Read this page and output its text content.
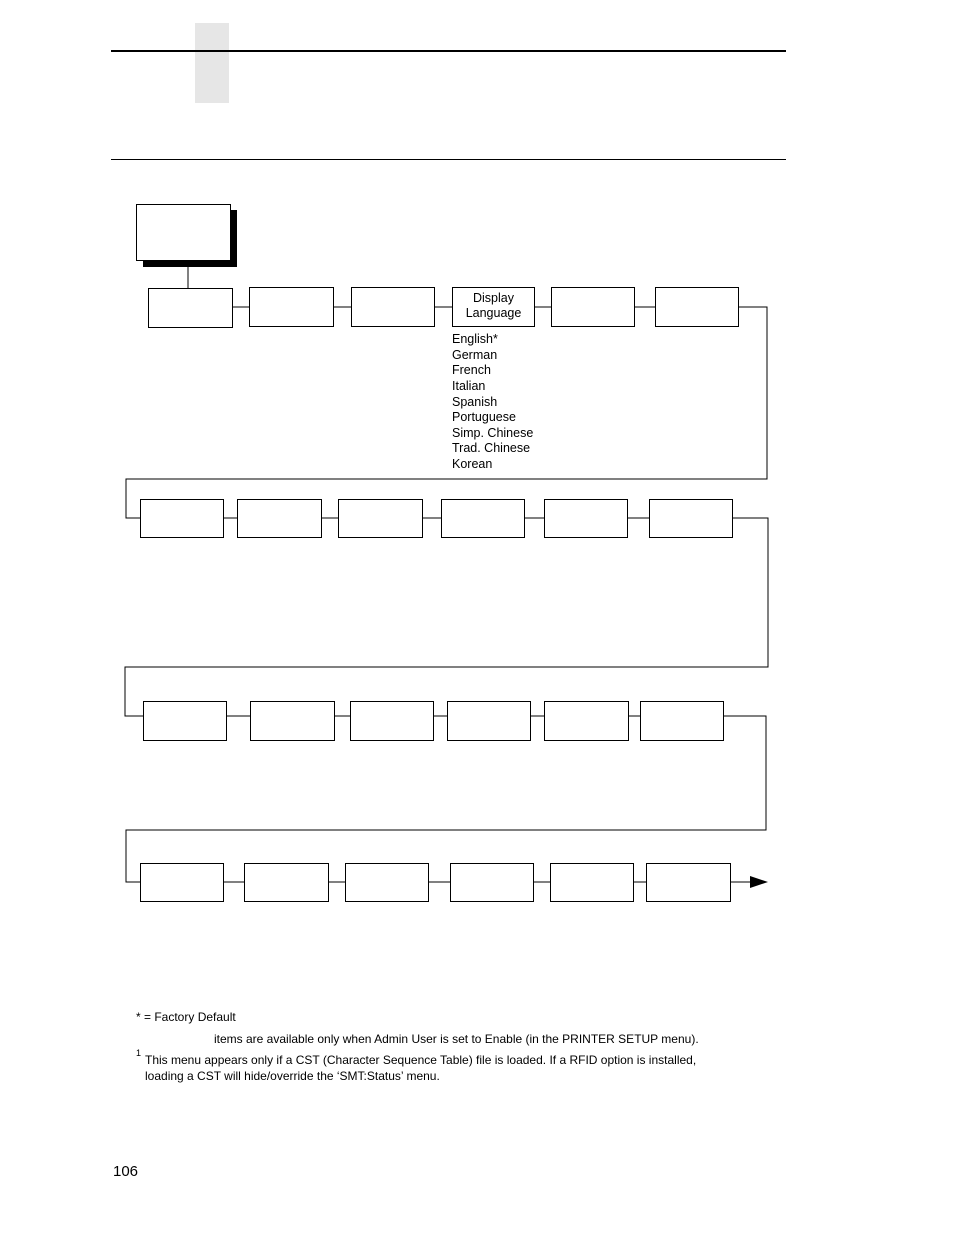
Display
Language
English*
German
French
Italian
Spanish
Portuguese
Simp. Chinese
Trad. Chinese
Korean
* = Factory Default
items are available only when Admin User is set to Enable (in the PRINTER SETUP menu).
1 This menu appears only if a CST (Character Sequence Table) file is loaded. If a RFID option is installed,
loading a CST will hide/override the ‘SMT:Status’ menu.
106
